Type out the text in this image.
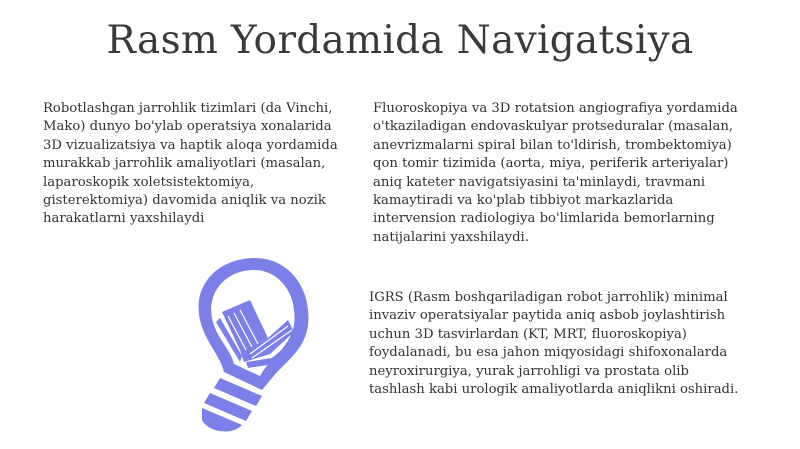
Rasm Yordamida Navigatsiya

Robotlashgan jarrohlik tizimlari (da Vinchi, Mako) dunyo bo'ylab operatsiya xonalarida 3D vizualizatsiya va haptik aloqa yordamida murakkab jarrohlik amaliyotlari (masalan, laparoskopik xoletsistektomiya, gisterektomiya) davomida aniqlik va nozik harakatlarni yaxshilaydi

Fluoroskopiya va 3D rotatsion angiografiya yordamida o'tkaziladigan endovaskulyar protseduralar (masalan, anevrizmalarni spiral bilan to'ldirish, trombektomiya) qon tomir tizimida (aorta, miya, periferik arteriyalar) aniq kateter navigatsiyasini ta'minlaydi, travmani kamaytiradi va ko'plab tibbiyot markazlarida intervension radiologiya bo'limlarida bemorlarning natijalarini yaxshilaydi.

IGRS (Rasm boshqariladigan robot jarrohlik) minimal invaziv operatsiyalar paytida aniq asbob joylashtirish uchun 3D tasvirlardan (KT, MRT, fluoroskopiya) foydalanadi, bu esa jahon miqyosidagi shifoxonalarda neyroxirurgiya, yurak jarrohligi va prostata olib tashlash kabi urologik amaliyotlarda aniqlikni oshiradi.
